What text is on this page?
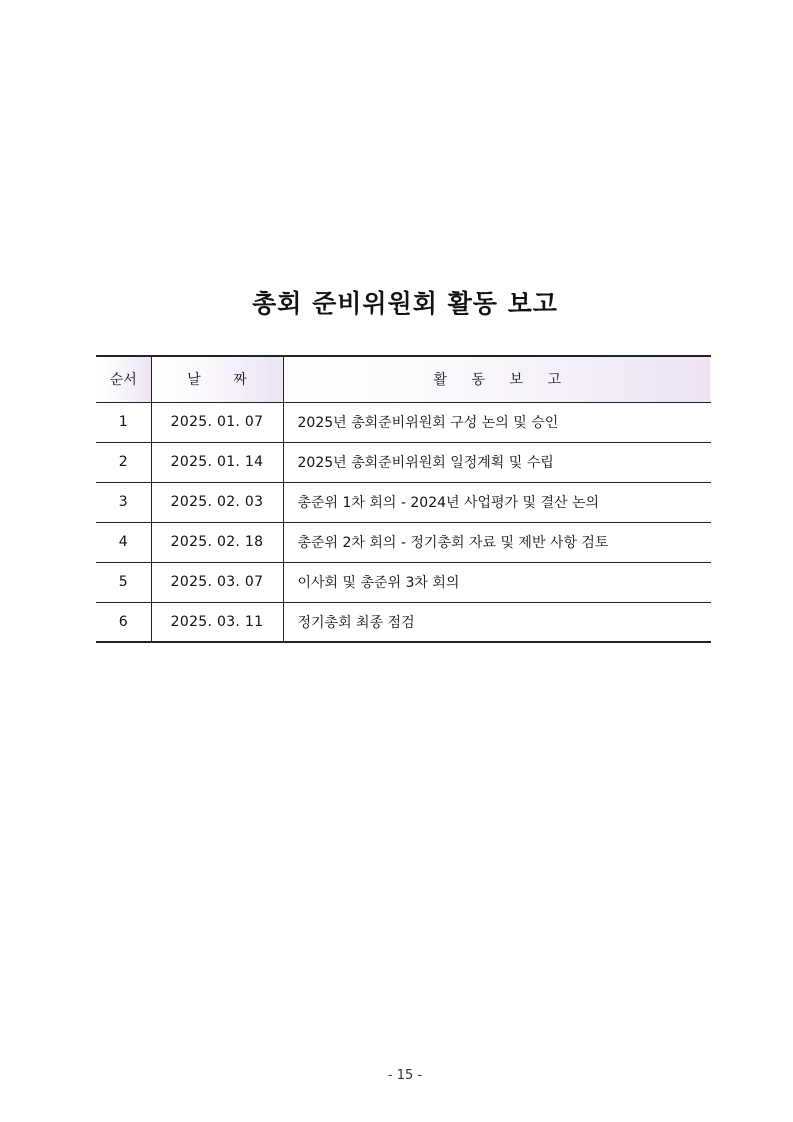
총회 준비위원회 활동 보고
순서	날 짜	활 동 보 고
1	2025. 01. 07	2025년 총회준비위원회 구성 논의 및 승인
2	2025. 01. 14	2025년 총회준비위원회 일정계획 및 수립
3	2025. 02. 03	총준위 1차 회의 - 2024년 사업평가 및 결산 논의
4	2025. 02. 18	총준위 2차 회의 - 정기총회 자료 및 제반 사항 검토
5	2025. 03. 07	이사회 및 총준위 3차 회의
6	2025. 03. 11	정기총회 최종 점검
- 15 -
